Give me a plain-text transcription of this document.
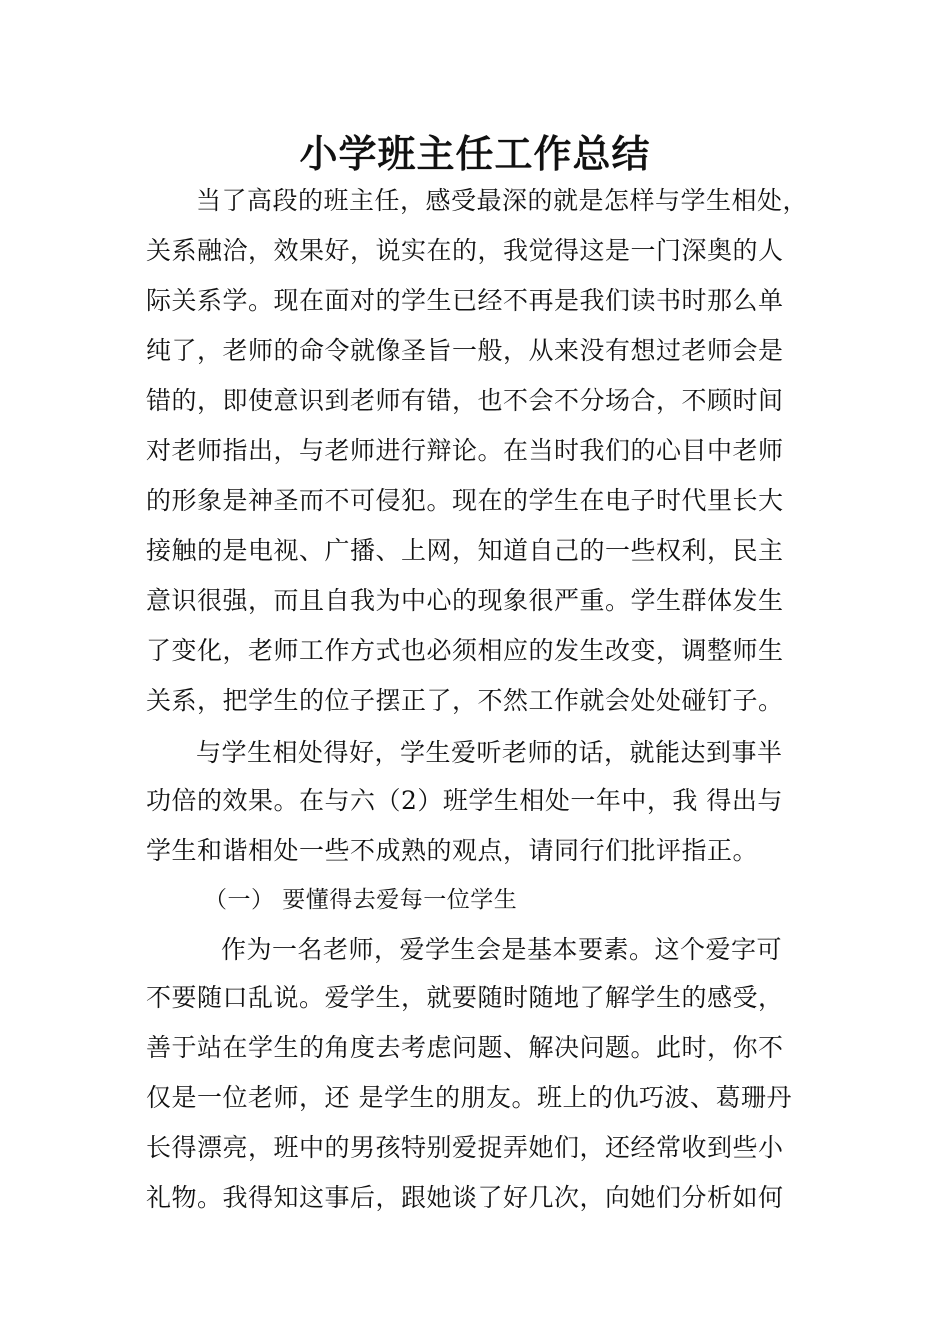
小学班主任工作总结
当了高段的班主任，感受最深的就是怎样与学生相处，
关系融洽，效果好，说实在的，我觉得这是一门深奥的人
际关系学。现在面对的学生已经不再是我们读书时那么单
纯了，老师的命令就像圣旨一般，从来没有想过老师会是
错的，即使意识到老师有错，也不会不分场合，不顾时间
对老师指出，与老师进行辩论。在当时我们的心目中老师
的形象是神圣而不可侵犯。现在的学生在电子时代里长大
接触的是电视、广播、上网，知道自己的一些权利，民主
意识很强，而且自我为中心的现象很严重。学生群体发生
了变化，老师工作方式也必须相应的发生改变，调整师生
关系，把学生的位子摆正了，不然工作就会处处碰钉子。
与学生相处得好，学生爱听老师的话，就能达到事半
功倍的效果。在与六（2）班学生相处一年中，我 得出与
学生和谐相处一些不成熟的观点，请同行们批评指正。
（一） 要懂得去爱每一位学生
作为一名老师，爱学生会是基本要素。这个爱字可
不要随口乱说。爱学生，就要随时随地了解学生的感受，
善于站在学生的角度去考虑问题、解决问题。此时，你不
仅是一位老师，还 是学生的朋友。班上的仇巧波、葛珊丹
长得漂亮，班中的男孩特别爱捉弄她们，还经常收到些小
礼物。我得知这事后，跟她谈了好几次，向她们分析如何
